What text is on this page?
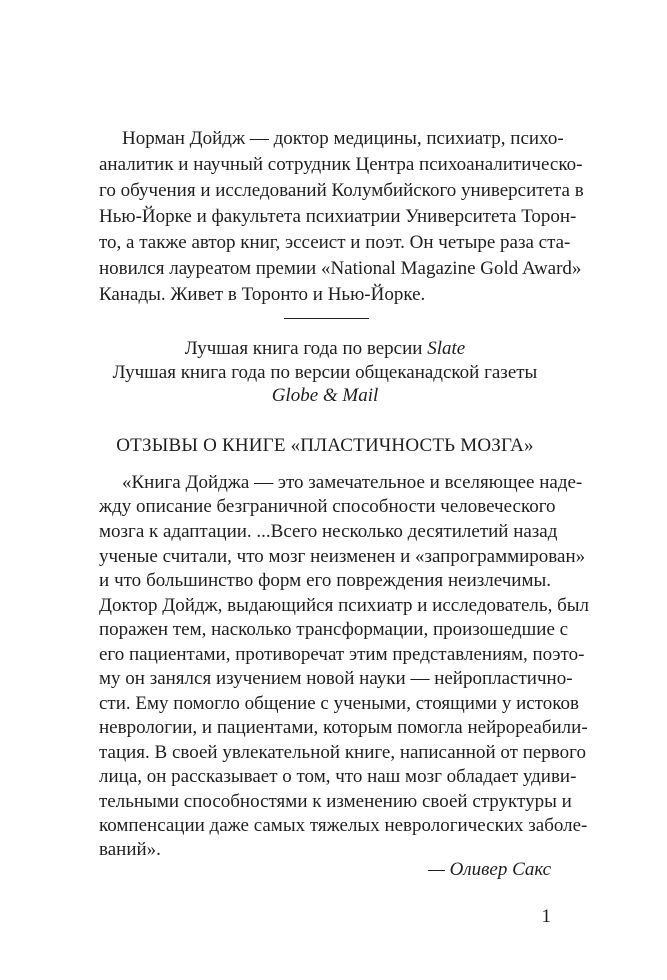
Норман Дойдж — доктор медицины, психиатр, психо-

аналитик и научный сотрудник Центра психоаналитическо-

го обучения и исследований Колумбийского университета в

Нью-Йорке и факультета психиатрии Университета Торон-

то, а также автор книг, эссеист и поэт. Он четыре раза ста-

новился лауреатом премии «National Magazine Gold Award»

Канады. Живет в Торонто и Нью-Йорке.

Лучшая книга года по версии Slate

Лучшая книга года по версии общеканадской газеты

Globe & Mail

ОТЗЫВЫ О КНИГЕ «ПЛАСТИЧНОСТЬ МОЗГА»

«Книга Дойджа — это замечательное и вселяющее наде-

жду описание безграничной способности человеческого

мозга к адаптации. ...Всего несколько десятилетий назад

ученые считали, что мозг неизменен и «запрограммирован»

и что большинство форм его повреждения неизлечимы.

Доктор Дойдж, выдающийся психиатр и исследователь, был

поражен тем, насколько трансформации, произошедшие с

его пациентами, противоречат этим представлениям, поэто-

му он занялся изучением новой науки — нейропластично-

сти. Ему помогло общение с учеными, стоящими у истоков

неврологии, и пациентами, которым помогла нейрореабили-

тация. В своей увлекательной книге, написанной от первого

лица, он рассказывает о том, что наш мозг обладает удиви-

тельными способностями к изменению своей структуры и

компенсации даже самых тяжелых неврологических заболе-

ваний».

— Оливер Сакс

1
